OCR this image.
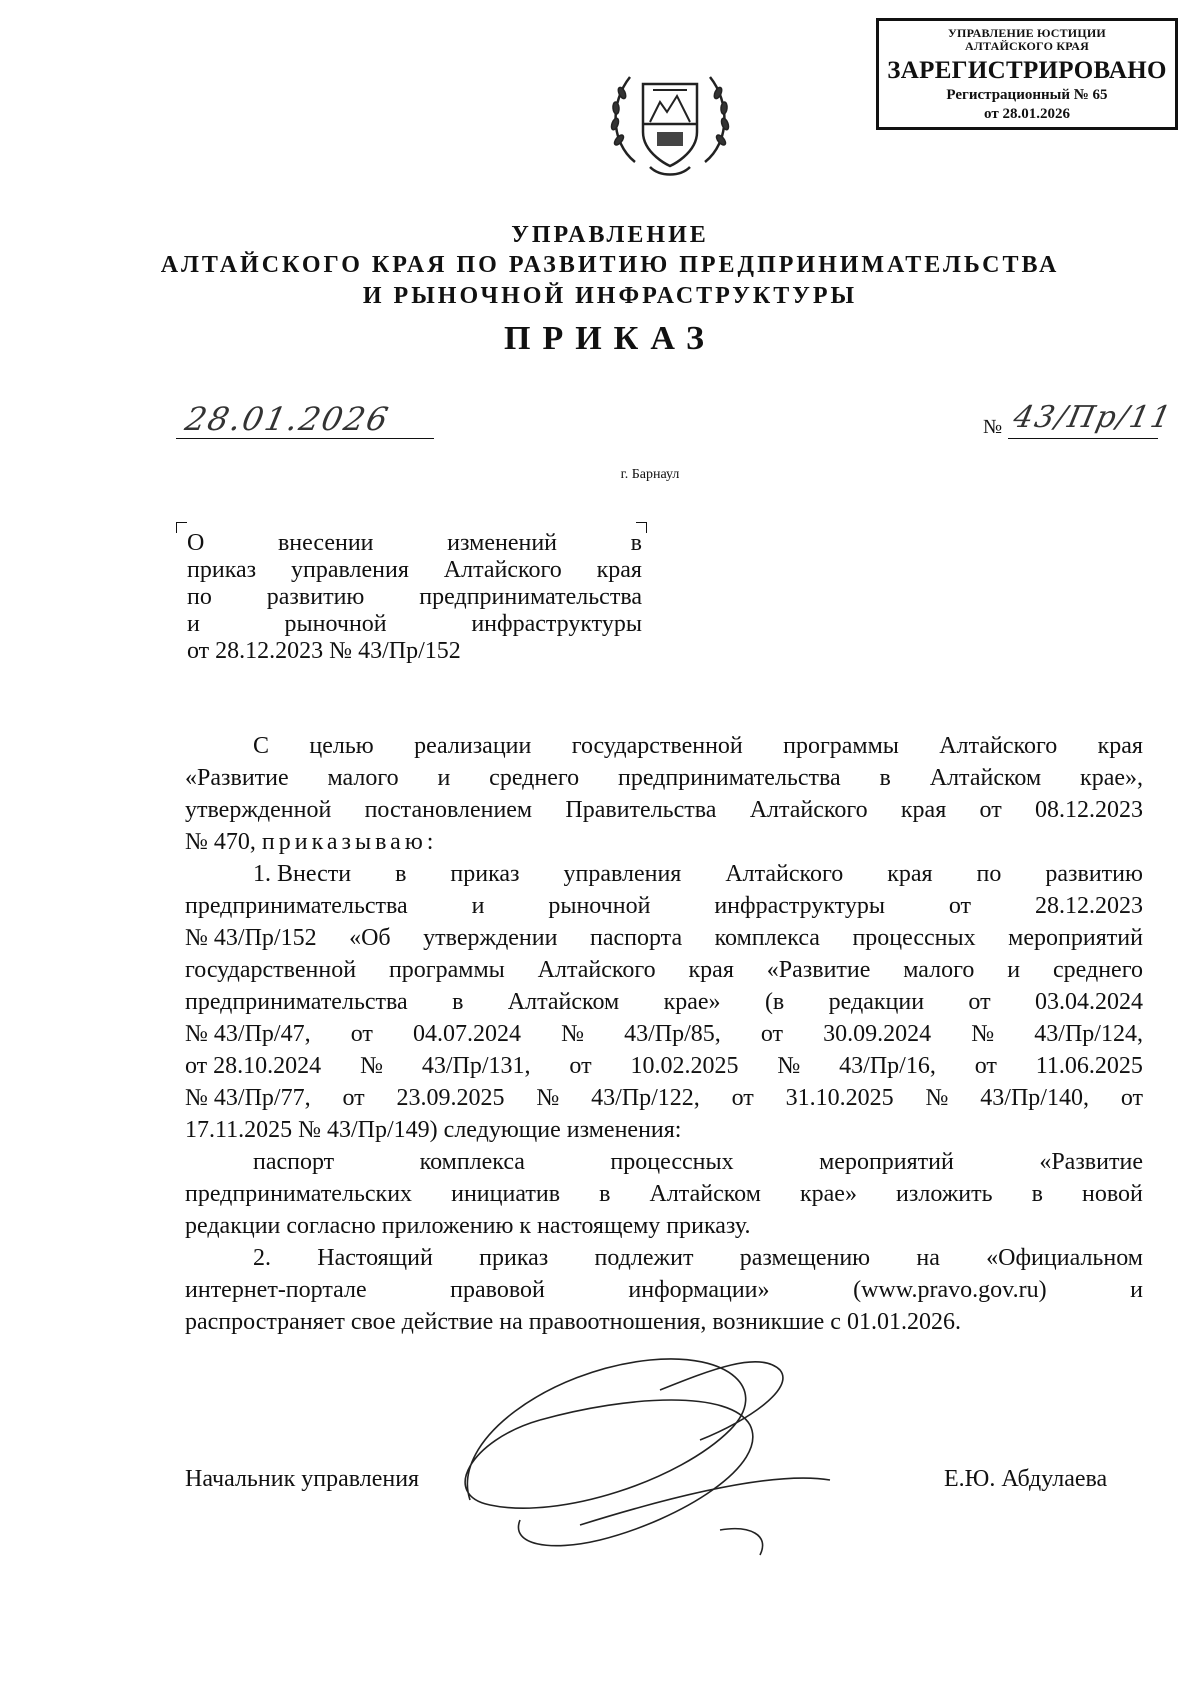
УПРАВЛЕНИЕ ЮСТИЦИИ
АЛТАЙСКОГО КРАЯ
ЗАРЕГИСТРИРОВАНО
Регистрационный № 65
от 28.01.2026
УПРАВЛЕНИЕ
АЛТАЙСКОГО КРАЯ ПО РАЗВИТИЮ ПРЕДПРИНИМАТЕЛЬСТВА
И РЫНОЧНОЙ ИНФРАСТРУКТУРЫ
ПРИКАЗ
28.01.2026	№ 43/Пр/11
г. Барнаул
О	внесении	изменений	в
приказ управления Алтайского края
по развитию предпринимательства
и	рыночной	инфраструктуры
от 28.12.2023 № 43/Пр/152
С целью реализации государственной программы Алтайского края
«Развитие малого и среднего предпринимательства в Алтайском крае»,
утвержденной постановлением Правительства Алтайского края от 08.12.2023
№ 470, приказываю:
1. Внести в приказ управления Алтайского края по развитию
предпринимательства	и	рыночной	инфраструктуры	от	28.12.2023
№ 43/Пр/152 «Об утверждении паспорта комплекса процессных мероприятий
государственной программы Алтайского края «Развитие малого и среднего
предпринимательства в Алтайском крае» (в редакции от 03.04.2024
№ 43/Пр/47, от 04.07.2024 № 43/Пр/85, от 30.09.2024 № 43/Пр/124,
от 28.10.2024 № 43/Пр/131, от 10.02.2025 № 43/Пр/16, от 11.06.2025
№ 43/Пр/77, от 23.09.2025 № 43/Пр/122, от 31.10.2025 № 43/Пр/140, от
17.11.2025 № 43/Пр/149) следующие изменения:
паспорт	комплекса	процессных	мероприятий	«Развитие
предпринимательских инициатив в Алтайском крае» изложить в новой
редакции согласно приложению к настоящему приказу.
2. Настоящий приказ подлежит размещению на «Официальном
интернет-портале	правовой	информации»	(www.pravo.gov.ru)	и
распространяет свое действие на правоотношения, возникшие с 01.01.2026.
Начальник управления	Е.Ю. Абдулаева
